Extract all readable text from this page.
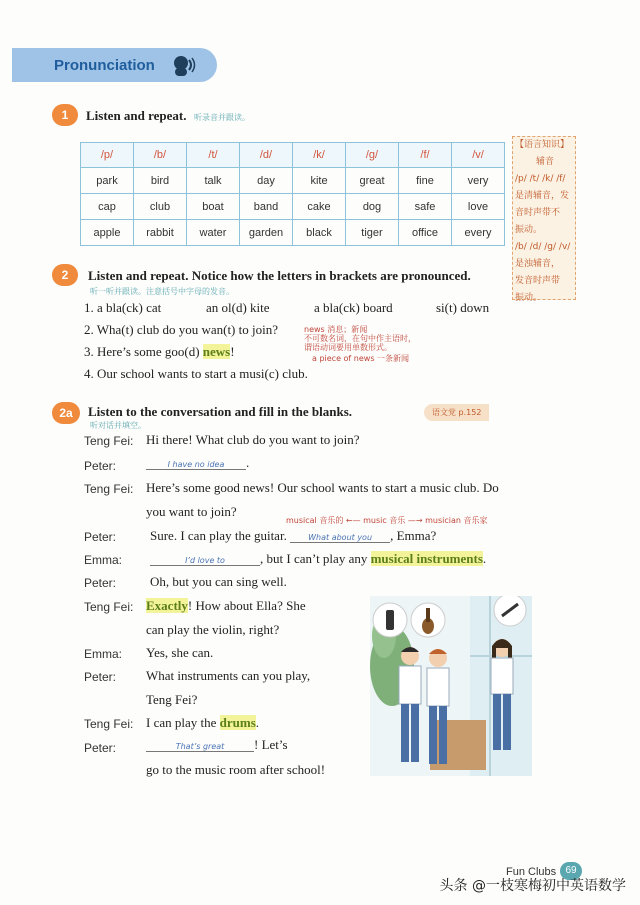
Pronunciation
1	Listen and repeat. 听录音并跟读。
/p/	/b/	/t/	/d/	/k/	/g/	/f/	/v/
park	bird	talk	day	kite	great	fine	very
cap	club	boat	band	cake	dog	safe	love
apple	rabbit	water	garden	black	tiger	office	every
【语言知识】
辅音
/p/ /t/ /k/ /f/
是清辅音，发
音时声带不
振动。
/b/ /d/ /g/ /v/
是浊辅音，
发音时声带
振动。
2	Listen and repeat. Notice how the letters in brackets are pronounced.
听一听并跟读。注意括号中字母的发音。
1. a bla(ck) cat	an ol(d) kite	a bla(ck) board	si(t) down
2. Wha(t) club do you wan(t) to join?
3. Here’s some goo(d) news!
4. Our school wants to start a musi(c) club.
news 消息；新闻
不可数名词，在句中作主语时，
谓语动词要用单数形式。
a piece of news 一条新闻
2a	Listen to the conversation and fill in the blanks.
听对话并填空。
语文党 p.152
Teng Fei: Hi there! What club do you want to join?
Peter:	I have no idea .
Teng Fei: Here’s some good news! Our school wants to start a music club. Do
you want to join?
musical 音乐的 ←— music 音乐 —→ musician 音乐家
Peter:	Sure. I can play the guitar. What about you , Emma?
Emma:	I’d love to	, but I can’t play any musical instruments.
Peter:	Oh, but you can sing well.
Teng Fei: Exactly! How about Ella? She
can play the violin, right?
Emma: Yes, she can.
Peter: What instruments can you play,
Teng Fei?
Teng Fei: I can play the drums.
Peter:	That’s great ! Let’s
go to the music room after school!
Fun Clubs 69
头条 @一枝寒梅初中英语数学
